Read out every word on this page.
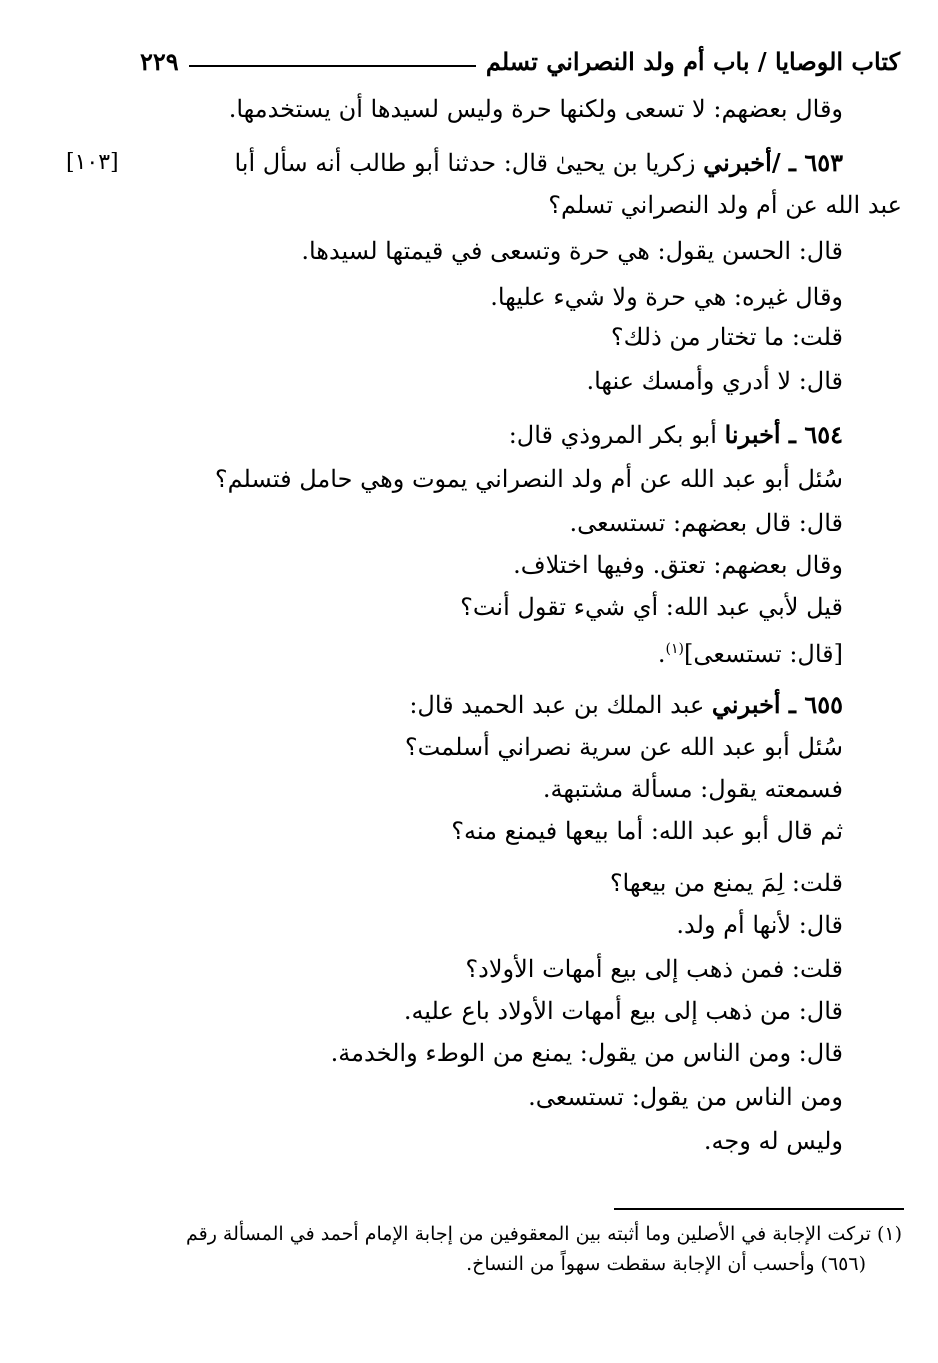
كتاب الوصايا / باب أم ولد النصراني تسلم
٢٢٩
[١٠٣]
وقال بعضهم: لا تسعى ولكنها حرة وليس لسيدها أن يستخدمها.
٦٥٣ ـ /أخبرني زكريا بن يحيىٰ قال: حدثنا أبو طالب أنه سأل أبا
عبد الله عن أم ولد النصراني تسلم؟
قال: الحسن يقول: هي حرة وتسعى في قيمتها لسيدها.
وقال غيره: هي حرة ولا شيء عليها.
قلت: ما تختار من ذلك؟
قال: لا أدري وأمسك عنها.
٦٥٤ ـ أخبرنا أبو بكر المروذي قال:
سُئل أبو عبد الله عن أم ولد النصراني يموت وهي حامل فتسلم؟
قال: قال بعضهم: تستسعى.
وقال بعضهم: تعتق. وفيها اختلاف.
قيل لأبي عبد الله: أي شيء تقول أنت؟
[قال: تستسعى]$^{(١)}$.
٦٥٥ ـ أخبرني عبد الملك بن عبد الحميد قال:
سُئل أبو عبد الله عن سرية نصراني أسلمت؟
فسمعته يقول: مسألة مشتبهة.
ثم قال أبو عبد الله: أما بيعها فيمنع منه؟
قلت: لِمَ يمنع من بيعها؟
قال: لأنها أم ولد.
قلت: فمن ذهب إلى بيع أمهات الأولاد؟
قال: من ذهب إلى بيع أمهات الأولاد باع عليه.
قال: ومن الناس من يقول: يمنع من الوطء والخدمة.
ومن الناس من يقول: تستسعى.
وليس له وجه.
(١) تركت الإجابة في الأصلين وما أثبته بين المعقوفين من إجابة الإمام أحمد في المسألة رقم
(٦٥٦) وأحسب أن الإجابة سقطت سهواً من النساخ.
